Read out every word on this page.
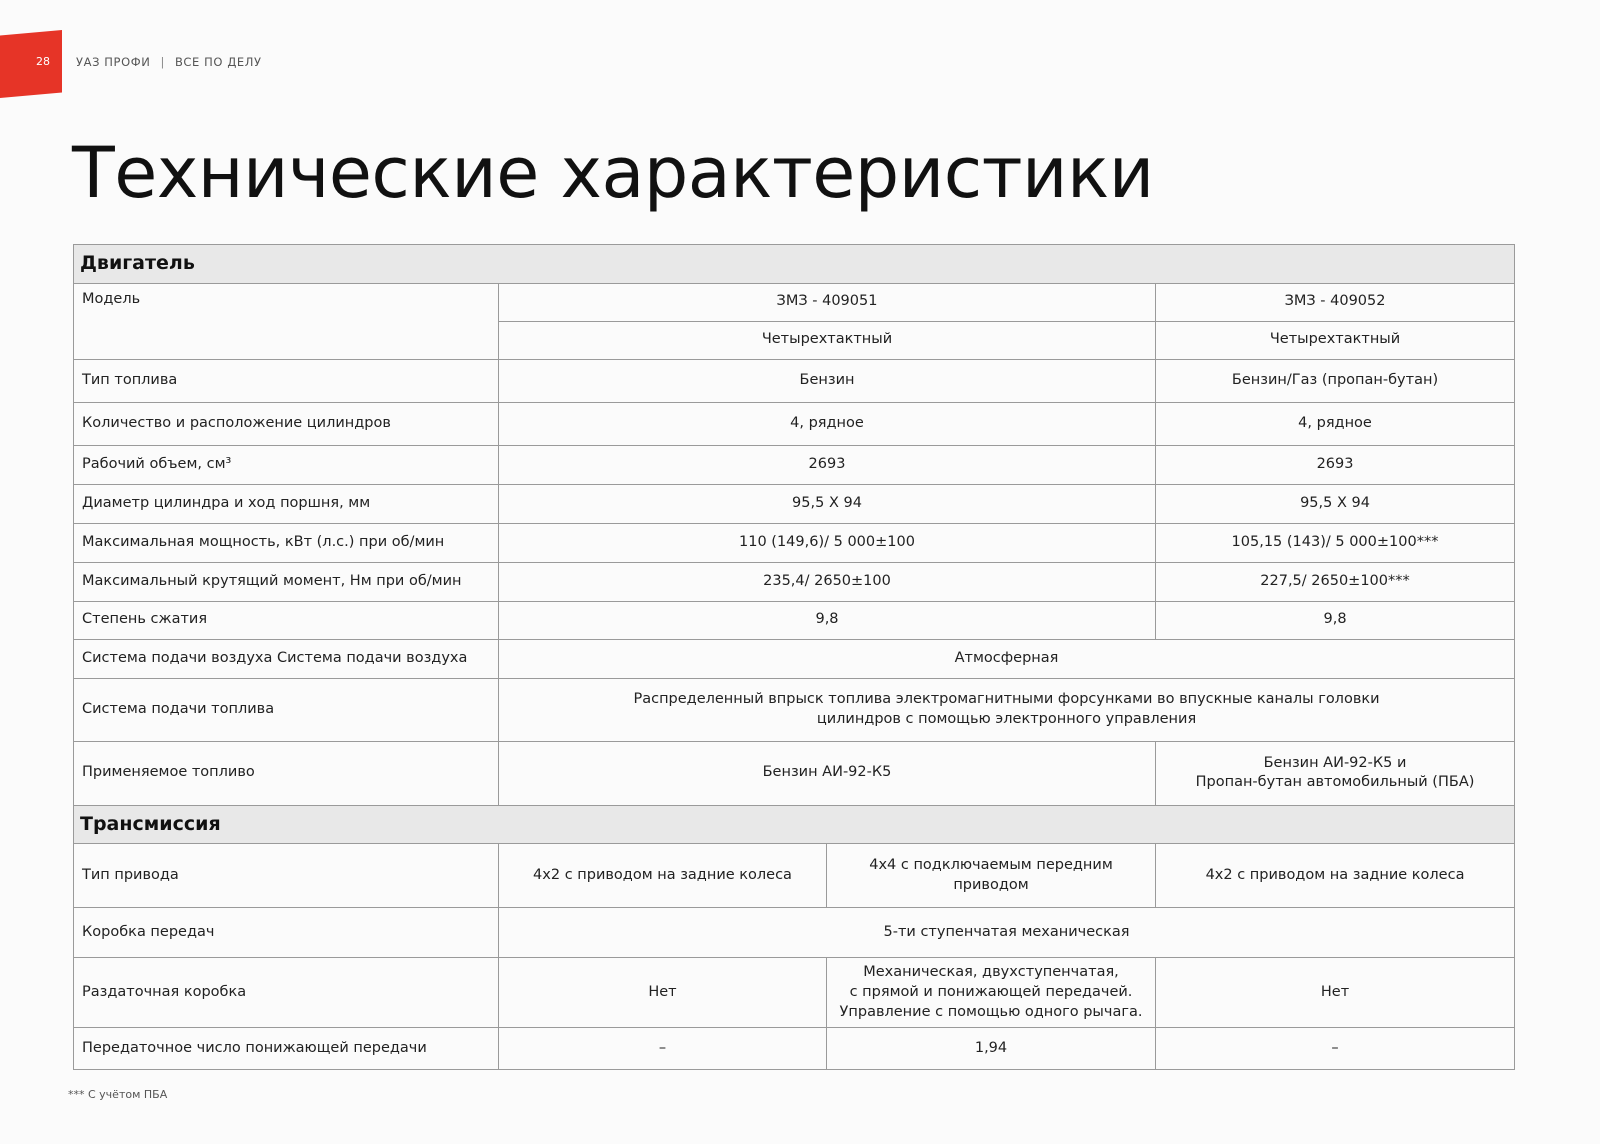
28 УАЗ ПРОФИ | ВСЕ ПО ДЕЛУ
Технические характеристики
Двигатель			
Модель	ЗМЗ - 409051		ЗМЗ - 409052
	Четырехтактный		Четырехтактный
Тип топлива	Бензин		Бензин/Газ (пропан-бутан)
Количество и расположение цилиндров	4, рядное		4, рядное
Рабочий объем, см³	2693		2693
Диаметр цилиндра и ход поршня, мм	95,5 X 94		95,5 X 94
Максимальная мощность, кВт (л.с.) при об/мин	110 (149,6)/ 5 000±100		105,15 (143)/ 5 000±100***
Максимальный крутящий момент, Нм при об/мин	235,4/ 2650±100		227,5/ 2650±100***
Степень сжатия	9,8		9,8
Система подачи воздуха Система подачи воздуха	Атмосферная		
Система подачи топлива	Распределенный впрыск топлива электромагнитными форсунками во впускные каналы головки
цилиндров с помощью электронного управления		

Применяемое топливо	Бензин АИ-92-К5		Бензин АИ-92-К5 и
Пропан-бутан автомобильный (ПБА)

Трансмиссия			
Тип привода	4x2 с приводом на задние колеса	4х4 с подключаемым передним
приводом	4x2 с приводом на задние колеса
Коробка передач	5-ти ступенчатая механическая		
Раздаточная коробка	Нет	Механическая, двухступенчатая,
с прямой и понижающей передачей.
Управление с помощью одного рычага.	Нет
Передаточное число понижающей передачи	–	1,94	–
*** С учётом ПБА
